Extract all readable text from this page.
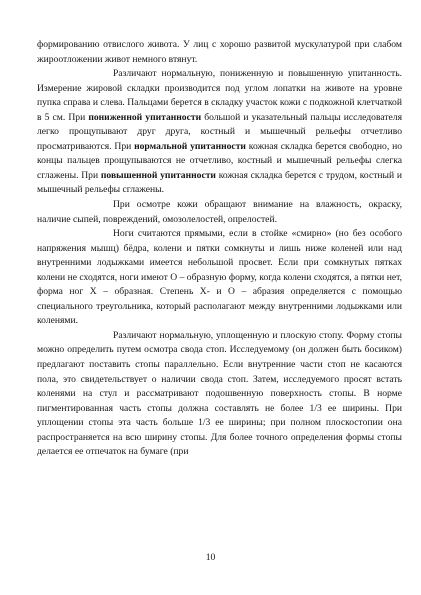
формированию отвислого живота. У лиц с хорошо развитой мускулатурой при слабом жироотложении живот немного втянут.

Различают нормальную, пониженную и повышенную упитанность. Измерение жировой складки производится под углом лопатки на животе на уровне пупка справа и слева. Пальцами берется в складку участок кожи с подкожной клетчаткой в 5 см. При пониженной упитанности большой и указательный пальцы исследователя легко прощупывают друг друга, костный и мышечный рельефы отчетливо просматриваются. При нормальной упитанности кожная складка берется свободно, но концы пальцев прощупываются не отчетливо, костный и мышечный рельефы слегка сглажены. При повышенной упитанности кожная складка берется с трудом, костный и мышечный рельефы сглажены.

При осмотре кожи обращают внимание на влажность, окраску, наличие сыпей, повреждений, омозолелостей, опрелостей.

Ноги считаются прямыми, если в стойке «смирно» (но без особого напряжения мышц) бёдра, колени и пятки сомкнуты и лишь ниже коленей или над внутренними лодыжками имеется небольшой просвет. Если при сомкнутых пятках колени не сходятся, ноги имеют О – образную форму, когда колени сходятся, а пятки нет, форма ног Х – образная. Степень Х- и О – абразия определяется с помощью специального треугольника, который располагают между внутренними лодыжками или коленями.

Различают нормальную, уплощенную и плоскую стопу. Форму стопы можно определить путем осмотра свода стоп. Исследуемому (он должен быть босиком) предлагают поставить стопы параллельно. Если внутренние части стоп не касаются пола, это свидетельствует о наличии свода стоп. Затем, исследуемого просят встать коленями на стул и рассматривают подошвенную поверхность стопы. В норме пигментированная часть стопы должна составлять не более 1/3 ее ширины. При уплощении стопы эта часть больше 1/3 ее ширины; при полном плоскостопии она распространяется на всю ширину стопы. Для более точного определения формы стопы делается ее отпечаток на бумаге (при

10
